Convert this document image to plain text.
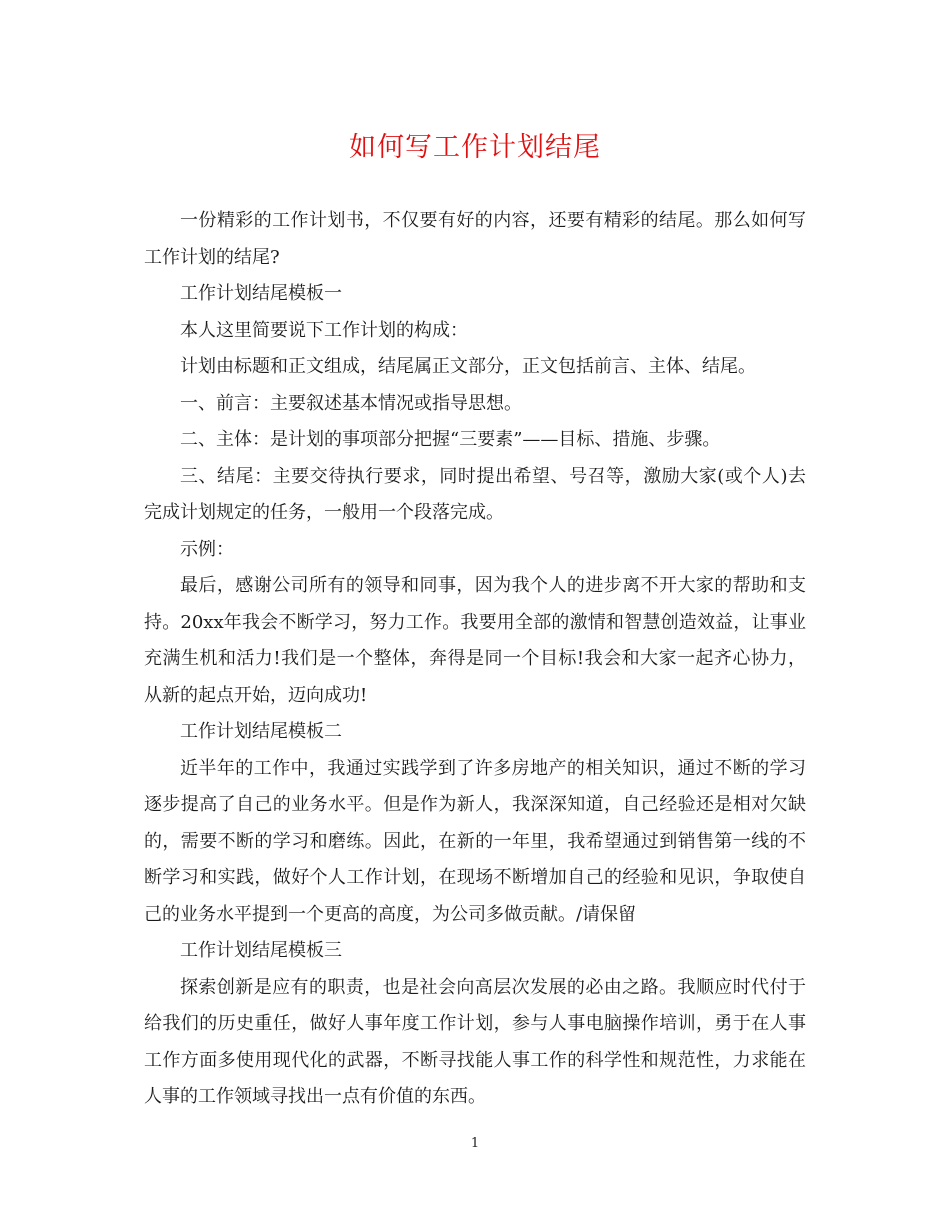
如何写工作计划结尾

一份精彩的工作计划书，不仅要有好的内容，还要有精彩的结尾。那么如何写工作计划的结尾?

工作计划结尾模板一

本人这里简要说下工作计划的构成：

计划由标题和正文组成，结尾属正文部分，正文包括前言、主体、结尾。

一、前言：主要叙述基本情况或指导思想。

二、主体：是计划的事项部分把握“三要素”——目标、措施、步骤。

三、结尾：主要交待执行要求，同时提出希望、号召等，激励大家(或个人)去完成计划规定的任务，一般用一个段落完成。

示例：

最后，感谢公司所有的领导和同事，因为我个人的进步离不开大家的帮助和支持。20xx年我会不断学习，努力工作。我要用全部的激情和智慧创造效益，让事业充满生机和活力!我们是一个整体，奔得是同一个目标!我会和大家一起齐心协力，从新的起点开始，迈向成功!

工作计划结尾模板二

近半年的工作中，我通过实践学到了许多房地产的相关知识，通过不断的学习逐步提高了自己的业务水平。但是作为新人，我深深知道，自己经验还是相对欠缺的，需要不断的学习和磨练。因此，在新的一年里，我希望通过到销售第一线的不断学习和实践，做好个人工作计划，在现场不断增加自己的经验和见识，争取使自己的业务水平提到一个更高的高度，为公司多做贡献。/请保留

工作计划结尾模板三

探索创新是应有的职责，也是社会向高层次发展的必由之路。我顺应时代付于给我们的历史重任，做好人事年度工作计划，参与人事电脑操作培训，勇于在人事工作方面多使用现代化的武器，不断寻找能人事工作的科学性和规范性，力求能在人事的工作领域寻找出一点有价值的东西。

1
